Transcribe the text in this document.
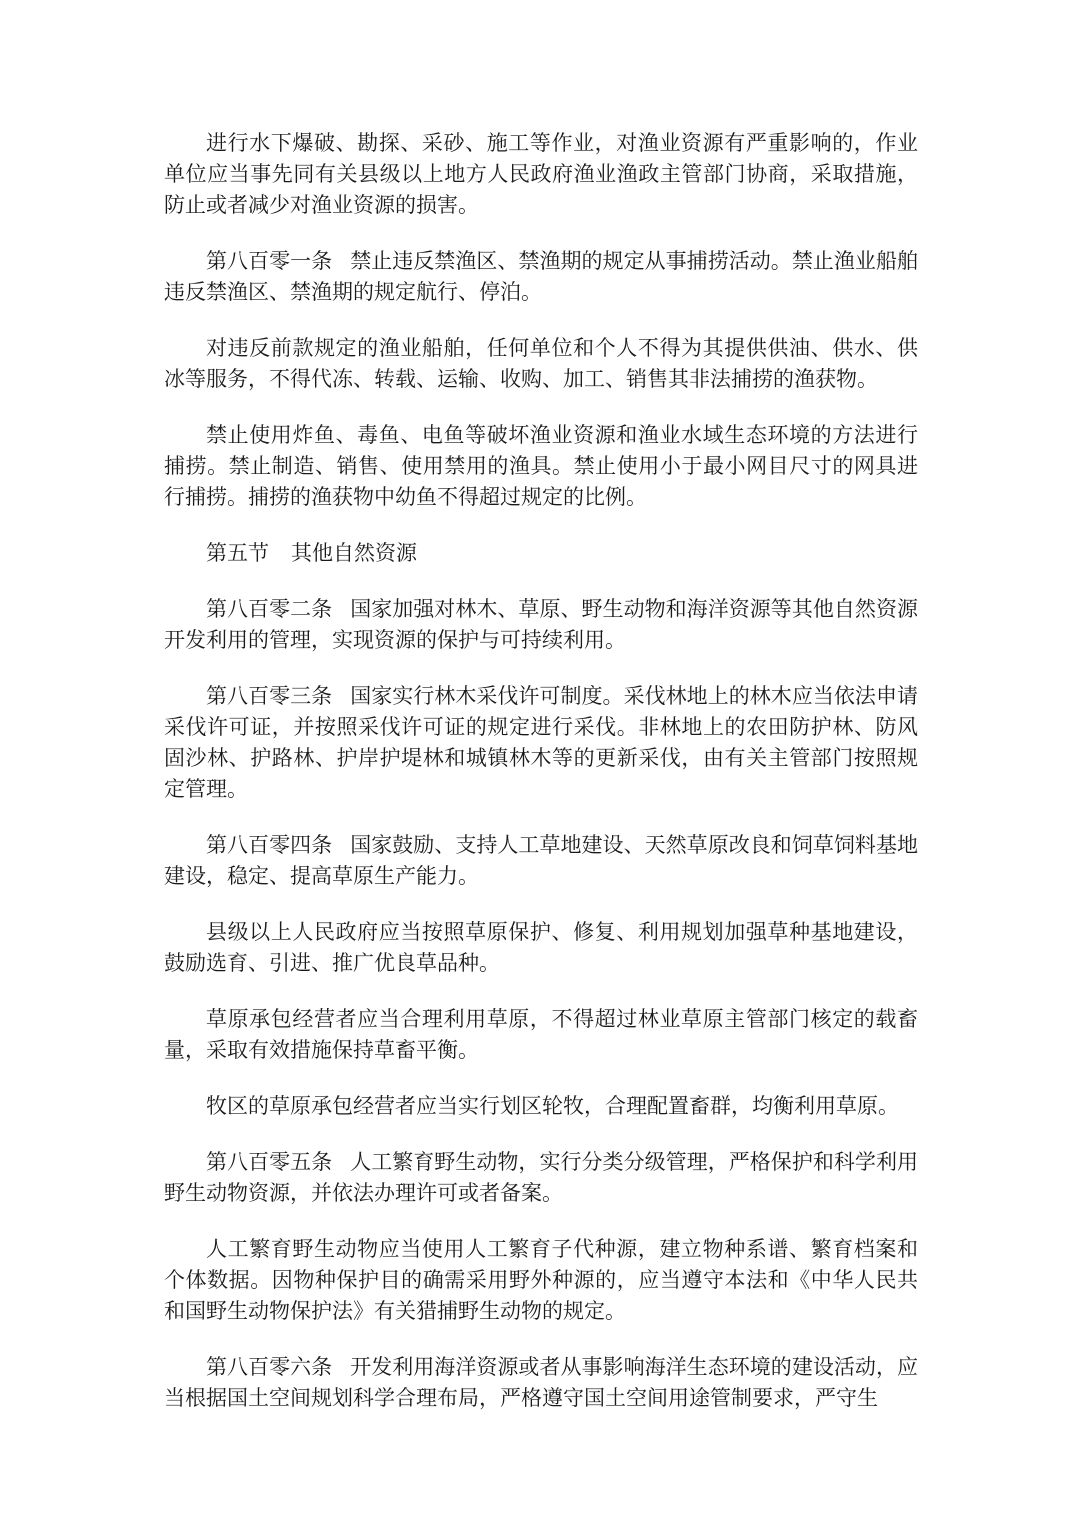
进行水下爆破、勘探、采砂、施工等作业，对渔业资源有严重影响的，作业单位应当事先同有关县级以上地方人民政府渔业渔政主管部门协商，采取措施，防止或者减少对渔业资源的损害。

第八百零一条 禁止违反禁渔区、禁渔期的规定从事捕捞活动。禁止渔业船舶违反禁渔区、禁渔期的规定航行、停泊。

对违反前款规定的渔业船舶，任何单位和个人不得为其提供供油、供水、供冰等服务，不得代冻、转载、运输、收购、加工、销售其非法捕捞的渔获物。

禁止使用炸鱼、毒鱼、电鱼等破坏渔业资源和渔业水域生态环境的方法进行捕捞。禁止制造、销售、使用禁用的渔具。禁止使用小于最小网目尺寸的网具进行捕捞。捕捞的渔获物中幼鱼不得超过规定的比例。

第五节 其他自然资源

第八百零二条 国家加强对林木、草原、野生动物和海洋资源等其他自然资源开发利用的管理，实现资源的保护与可持续利用。

第八百零三条 国家实行林木采伐许可制度。采伐林地上的林木应当依法申请采伐许可证，并按照采伐许可证的规定进行采伐。非林地上的农田防护林、防风固沙林、护路林、护岸护堤林和城镇林木等的更新采伐，由有关主管部门按照规定管理。

第八百零四条 国家鼓励、支持人工草地建设、天然草原改良和饲草饲料基地建设，稳定、提高草原生产能力。

县级以上人民政府应当按照草原保护、修复、利用规划加强草种基地建设，鼓励选育、引进、推广优良草品种。

草原承包经营者应当合理利用草原，不得超过林业草原主管部门核定的载畜量，采取有效措施保持草畜平衡。

牧区的草原承包经营者应当实行划区轮牧，合理配置畜群，均衡利用草原。

第八百零五条 人工繁育野生动物，实行分类分级管理，严格保护和科学利用野生动物资源，并依法办理许可或者备案。

人工繁育野生动物应当使用人工繁育子代种源，建立物种系谱、繁育档案和个体数据。因物种保护目的确需采用野外种源的，应当遵守本法和《中华人民共和国野生动物保护法》有关猎捕野生动物的规定。

第八百零六条 开发利用海洋资源或者从事影响海洋生态环境的建设活动，应当根据国土空间规划科学合理布局，严格遵守国土空间用途管制要求，严守生
